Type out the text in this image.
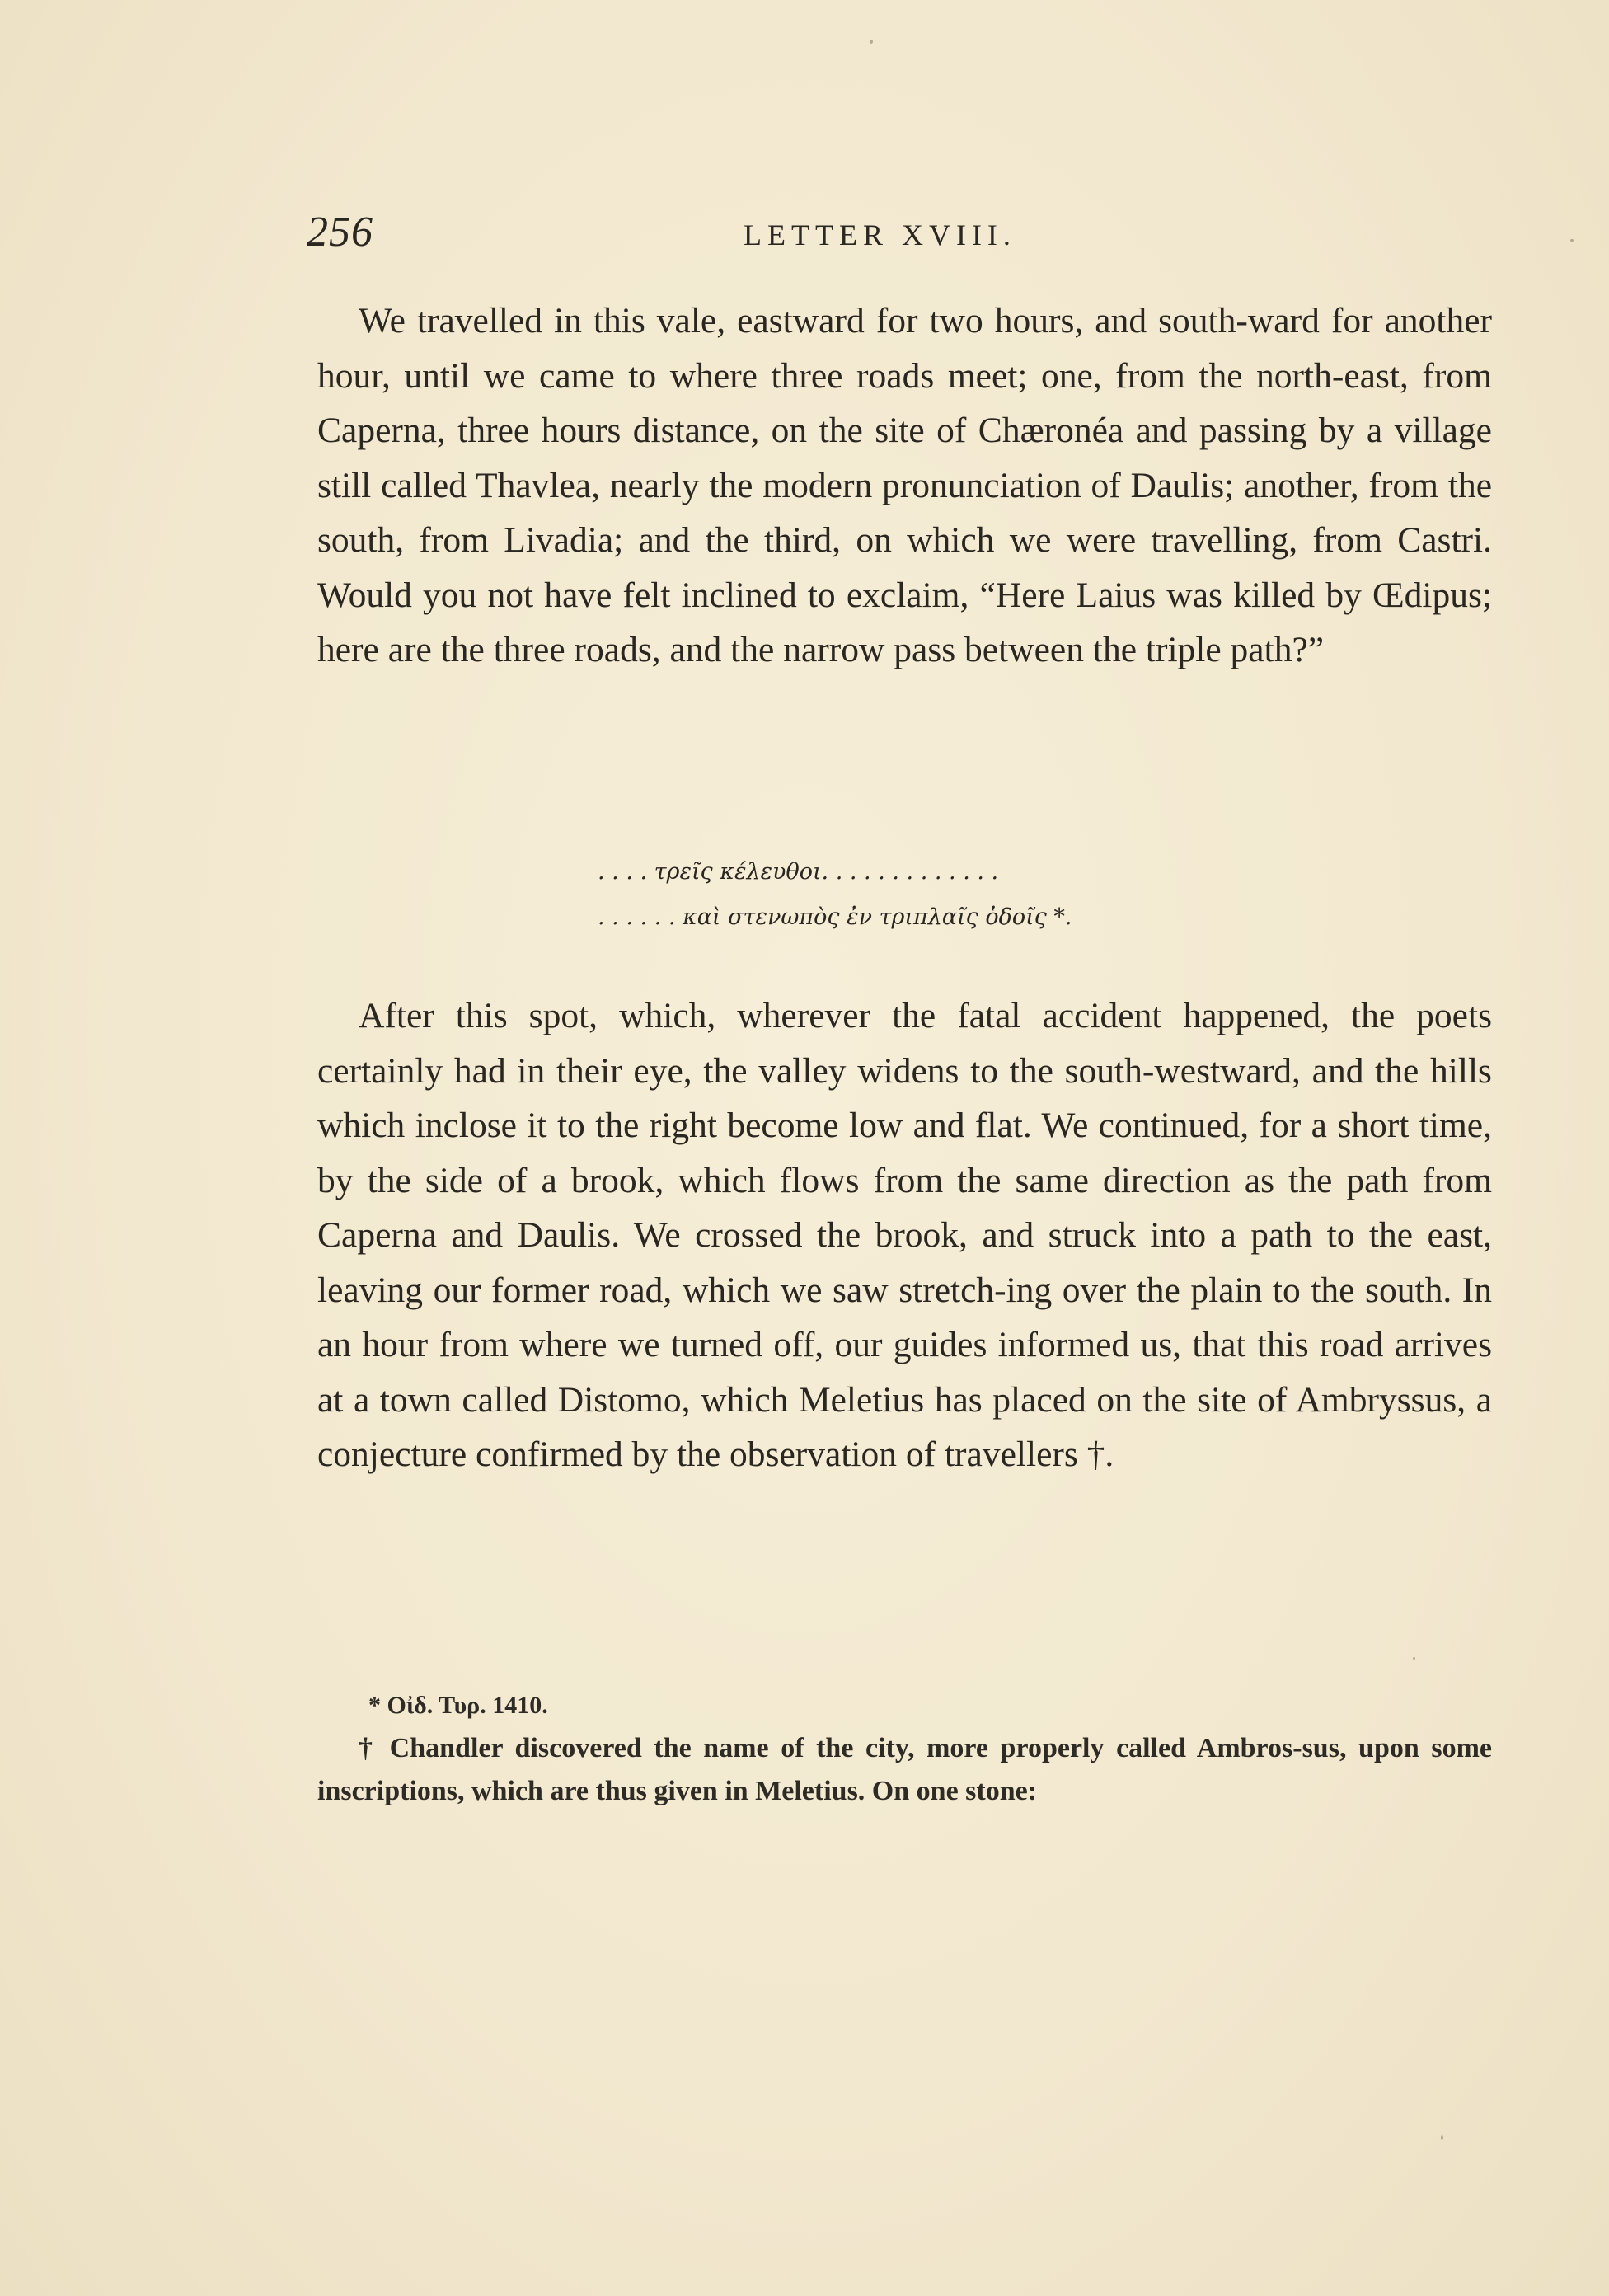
256	LETTER XVIII.

We travelled in this vale, eastward for two hours, and south-ward for another hour, until we came to where three roads meet; one, from the north-east, from Caperna, three hours distance, on the site of Chæronéa and passing by a village still called Thavlea, nearly the modern pronunciation of Daulis; another, from the south, from Livadia; and the third, on which we were travelling, from Castri. Would you not have felt inclined to exclaim, “Here Laius was killed by Œdipus; here are the three roads, and the narrow pass between the triple path?”

. . . . τρεῖς κέλευθοι. . . . . . . . . . . . .
. . . . . . καὶ στενωπὸς ἐν τριπλαῖς ὁδοῖς *.

After this spot, which, wherever the fatal accident happened, the poets certainly had in their eye, the valley widens to the south-westward, and the hills which inclose it to the right become low and flat. We continued, for a short time, by the side of a brook, which flows from the same direction as the path from Caperna and Daulis. We crossed the brook, and struck into a path to the east, leaving our former road, which we saw stretch-ing over the plain to the south. In an hour from where we turned off, our guides informed us, that this road arrives at a town called Distomo, which Meletius has placed on the site of Ambryssus, a conjecture confirmed by the observation of travellers †.

* Οἰδ. Τυρ. 1410.

† Chandler discovered the name of the city, more properly called Ambros-sus, upon some inscriptions, which are thus given in Meletius. On one stone:
